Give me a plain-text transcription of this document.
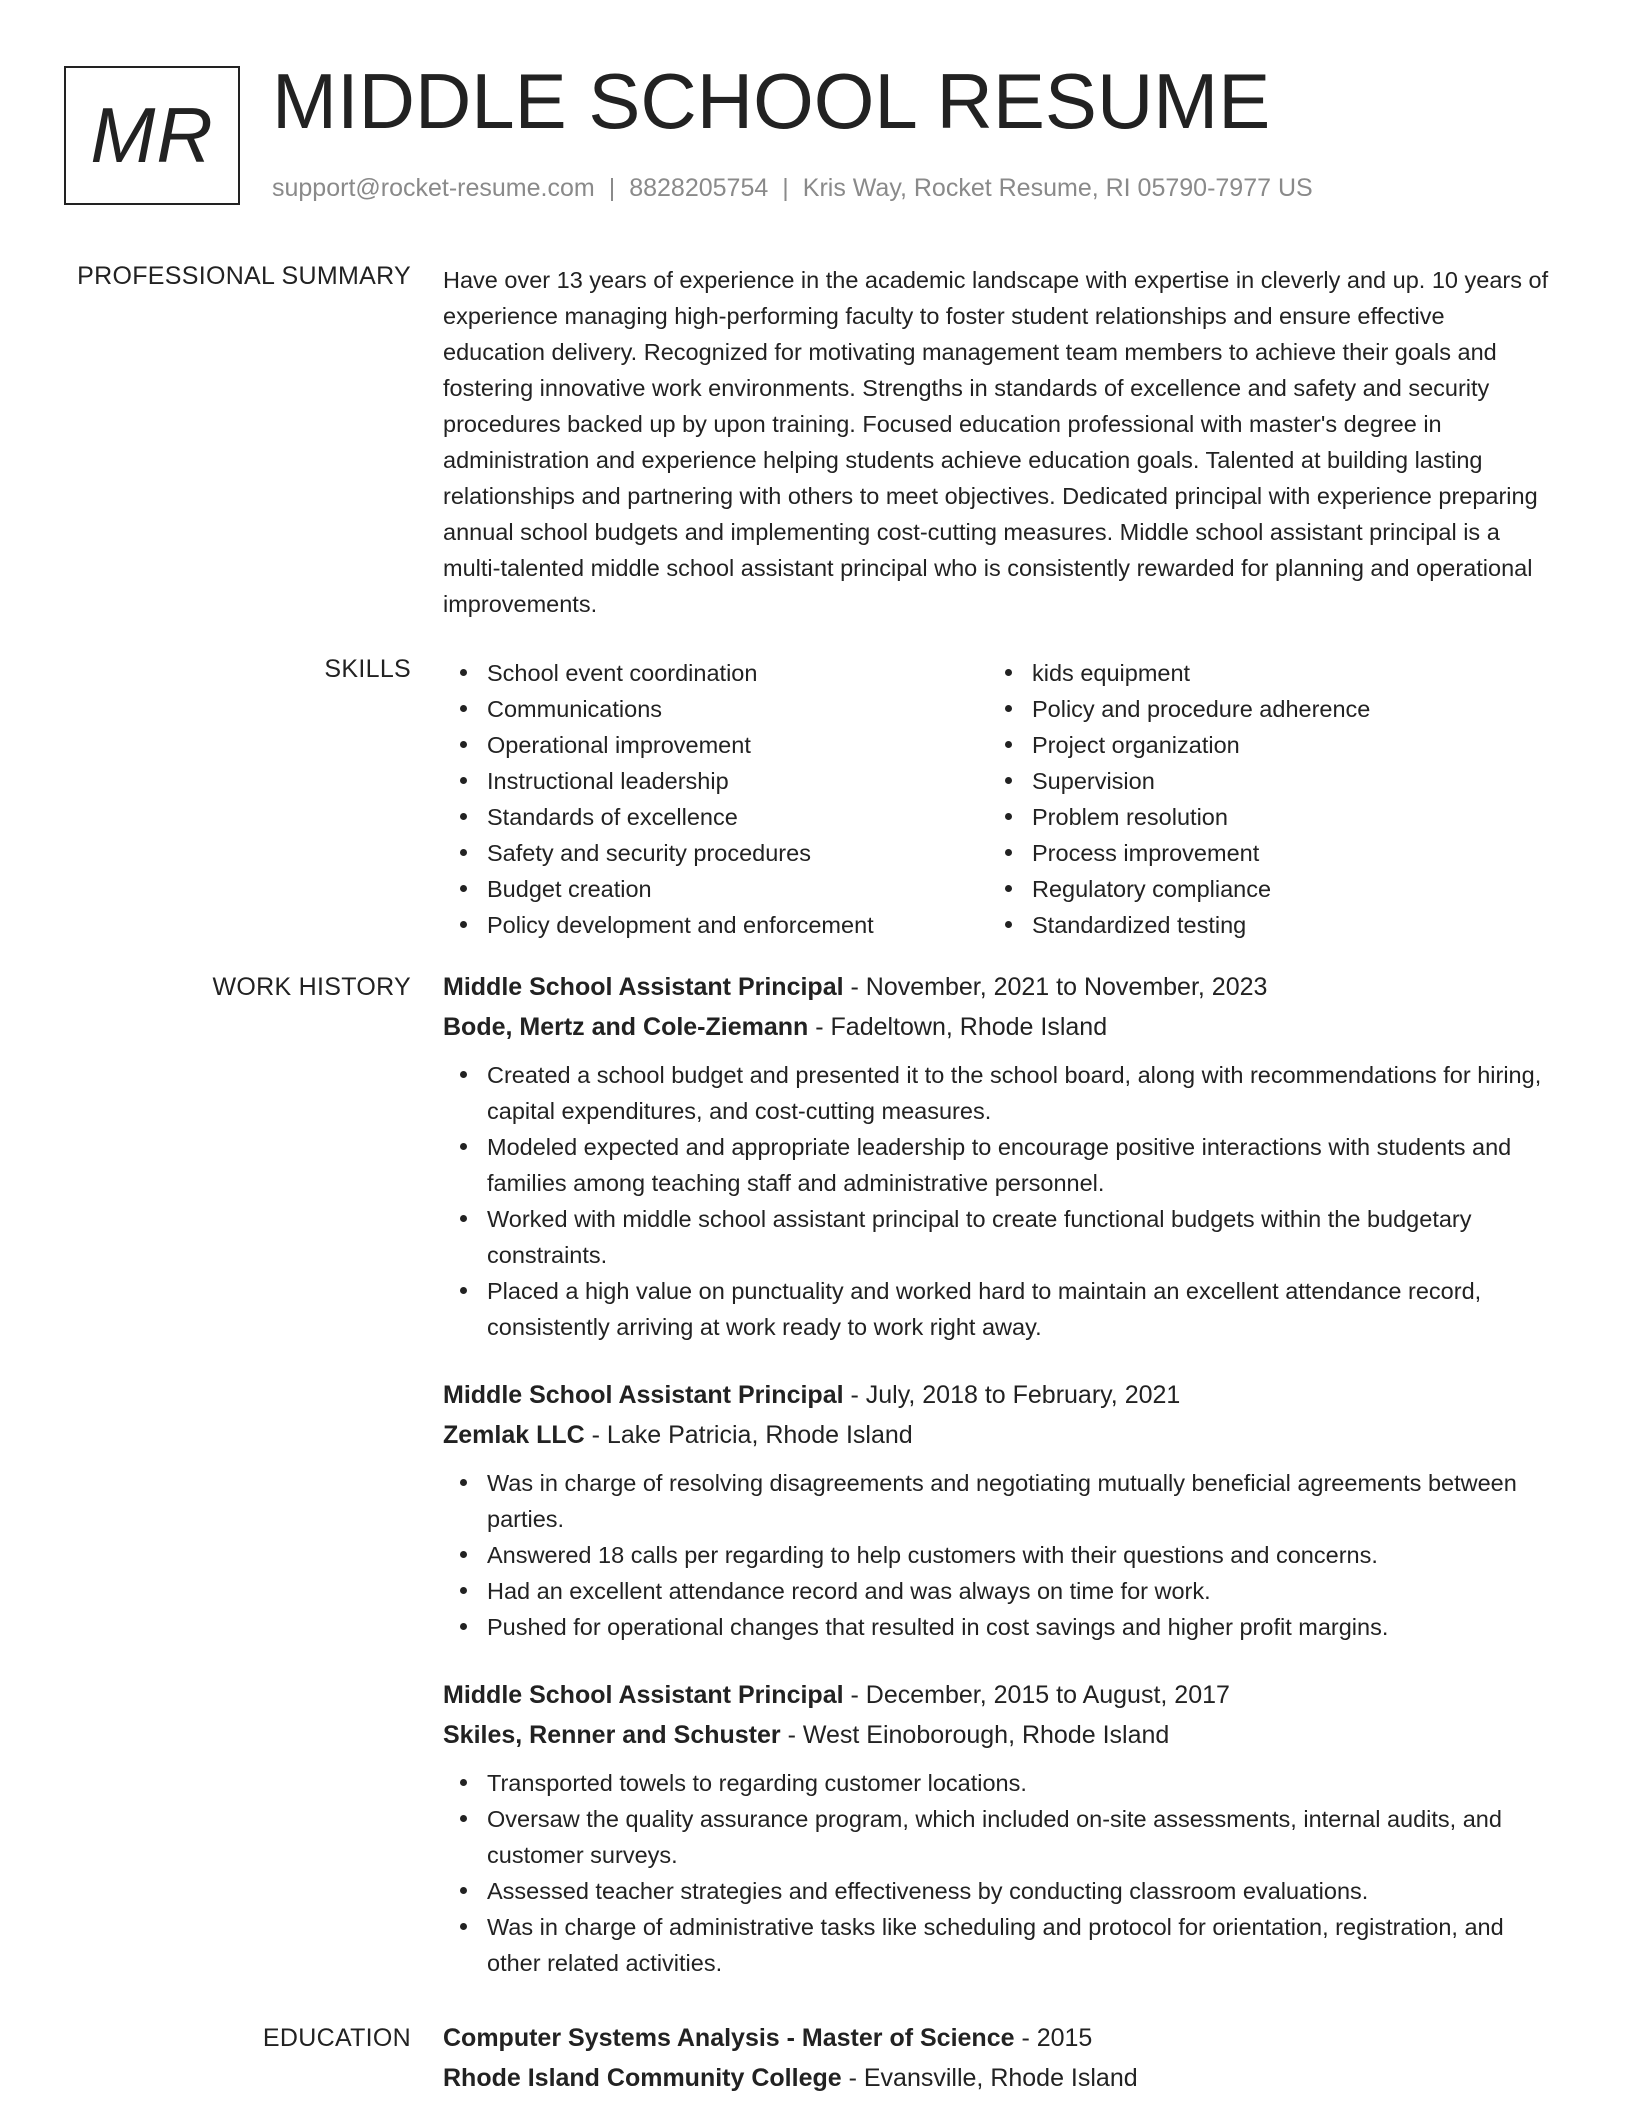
MR MIDDLE SCHOOL RESUME
support@rocket-resume.com | 8828205754 | Kris Way, Rocket Resume, RI 05790-7977 US
PROFESSIONAL SUMMARY Have over 13 years of experience in the academic landscape with expertise in cleverly and up. 10 years of experience managing high-performing faculty to foster student relationships and ensure effective education delivery. Recognized for motivating management team members to achieve their goals and fostering innovative work environments. Strengths in standards of excellence and safety and security procedures backed up by upon training. Focused education professional with master's degree in administration and experience helping students achieve education goals. Talented at building lasting relationships and partnering with others to meet objectives. Dedicated principal with experience preparing annual school budgets and implementing cost-cutting measures. Middle school assistant principal is a multi-talented middle school assistant principal who is consistently rewarded for planning and operational improvements.

SKILLS	School event coordination
Communications
Operational improvement
Instructional leadership
Standards of excellence
Safety and security procedures
Budget creation
Policy development and enforcement
kids equipment
Policy and procedure adherence
Project organization
Supervision
Problem resolution
Process improvement
Regulatory compliance
Standardized testing
WORK HISTORY Middle School Assistant Principal - November, 2021 to November, 2023
Bode, Mertz and Cole-Ziemann - Fadeltown, Rhode Island
Created a school budget and presented it to the school board, along with recommendations for hiring, capital expenditures, and cost-cutting measures.
Modeled expected and appropriate leadership to encourage positive interactions with students and families among teaching staff and administrative personnel.
Worked with middle school assistant principal to create functional budgets within the budgetary constraints.
Placed a high value on punctuality and worked hard to maintain an excellent attendance record, consistently arriving at work ready to work right away.
Middle School Assistant Principal - July, 2018 to February, 2021
Zemlak LLC - Lake Patricia, Rhode Island
Was in charge of resolving disagreements and negotiating mutually beneficial agreements between parties.
Answered 18 calls per regarding to help customers with their questions and concerns.
Had an excellent attendance record and was always on time for work.
Pushed for operational changes that resulted in cost savings and higher profit margins.
Middle School Assistant Principal - December, 2015 to August, 2017
Skiles, Renner and Schuster - West Einoborough, Rhode Island
Transported towels to regarding customer locations.
Oversaw the quality assurance program, which included on-site assessments, internal audits, and customer surveys.
Assessed teacher strategies and effectiveness by conducting classroom evaluations.
Was in charge of administrative tasks like scheduling and protocol for orientation, registration, and other related activities.
EDUCATION Computer Systems Analysis - Master of Science - 2015
Rhode Island Community College - Evansville, Rhode Island
